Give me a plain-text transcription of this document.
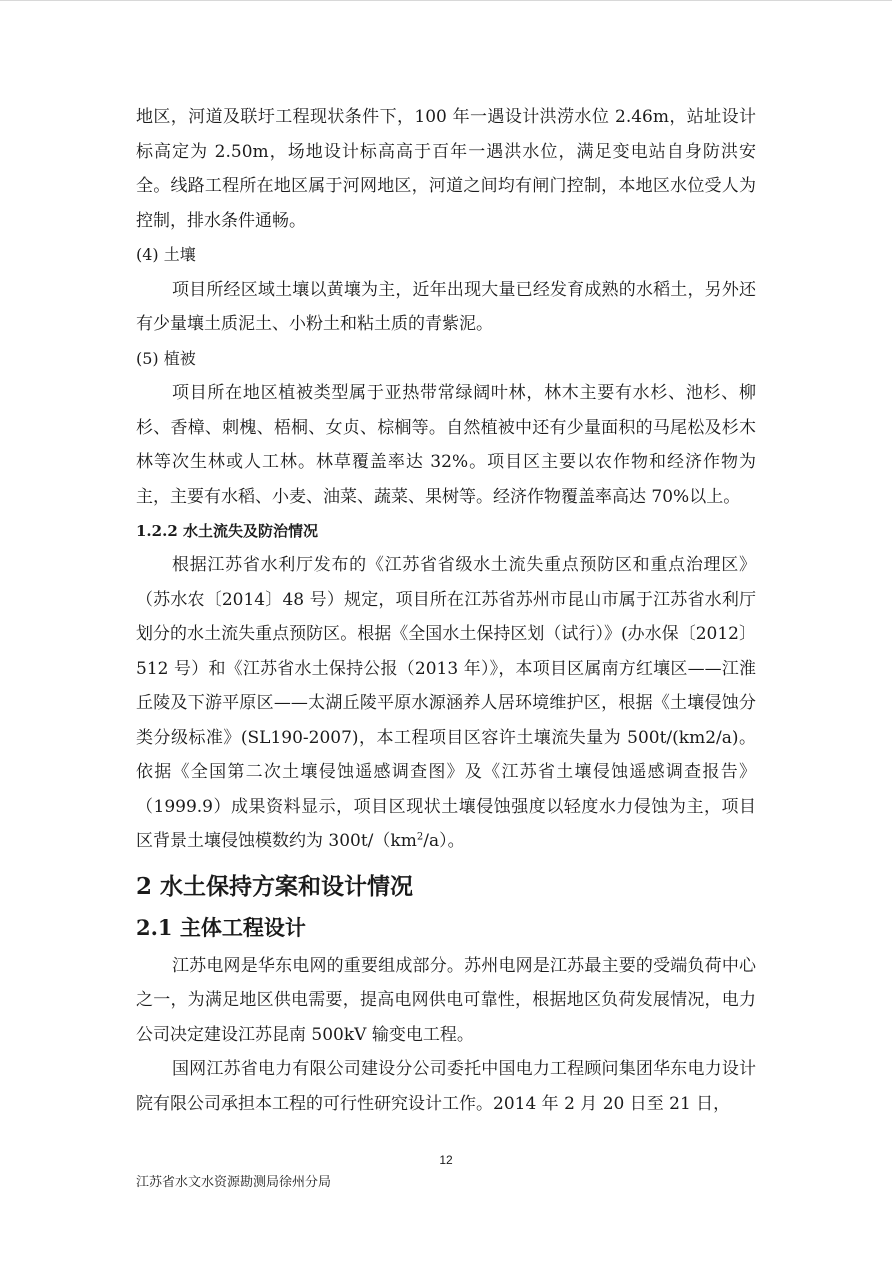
地区，河道及联圩工程现状条件下，100 年一遇设计洪涝水位 2.46m，站址设计标高定为 2.50m，场地设计标高高于百年一遇洪水位，满足变电站自身防洪安全。线路工程所在地区属于河网地区，河道之间均有闸门控制，本地区水位受人为控制，排水条件通畅。

(4) 土壤

项目所经区域土壤以黄壤为主，近年出现大量已经发育成熟的水稻土，另外还有少量壤土质泥土、小粉土和粘土质的青紫泥。

(5) 植被

项目所在地区植被类型属于亚热带常绿阔叶林，林木主要有水杉、池杉、柳杉、香樟、刺槐、梧桐、女贞、棕榈等。自然植被中还有少量面积的马尾松及杉木林等次生林或人工林。林草覆盖率达 32%。项目区主要以农作物和经济作物为主，主要有水稻、小麦、油菜、蔬菜、果树等。经济作物覆盖率高达 70%以上。

1.2.2 水土流失及防治情况

根据江苏省水利厅发布的《江苏省省级水土流失重点预防区和重点治理区》（苏水农〔2014〕48 号）规定，项目所在江苏省苏州市昆山市属于江苏省水利厅划分的水土流失重点预防区。根据《全国水土保持区划（试行）》(办水保〔2012〕512 号）和《江苏省水土保持公报（2013 年）》，本项目区属南方红壤区——江淮丘陵及下游平原区——太湖丘陵平原水源涵养人居环境维护区，根据《土壤侵蚀分类分级标准》(SL190-2007)，本工程项目区容许土壤流失量为 500t/(km2/a)。依据《全国第二次土壤侵蚀遥感调查图》及《江苏省土壤侵蚀遥感调查报告》（1999.9）成果资料显示，项目区现状土壤侵蚀强度以轻度水力侵蚀为主，项目区背景土壤侵蚀模数约为 $300t/(km^2/a)$。

2 水土保持方案和设计情况
2.1 主体工程设计

江苏电网是华东电网的重要组成部分。苏州电网是江苏最主要的受端负荷中心之一，为满足地区供电需要，提高电网供电可靠性，根据地区负荷发展情况，电力公司决定建设江苏昆南 500kV 输变电工程。

国网江苏省电力有限公司建设分公司委托中国电力工程顾问集团华东电力设计院有限公司承担本工程的可行性研究设计工作。2014 年 2 月 20 日至 21 日，

12
江苏省水文水资源勘测局徐州分局
